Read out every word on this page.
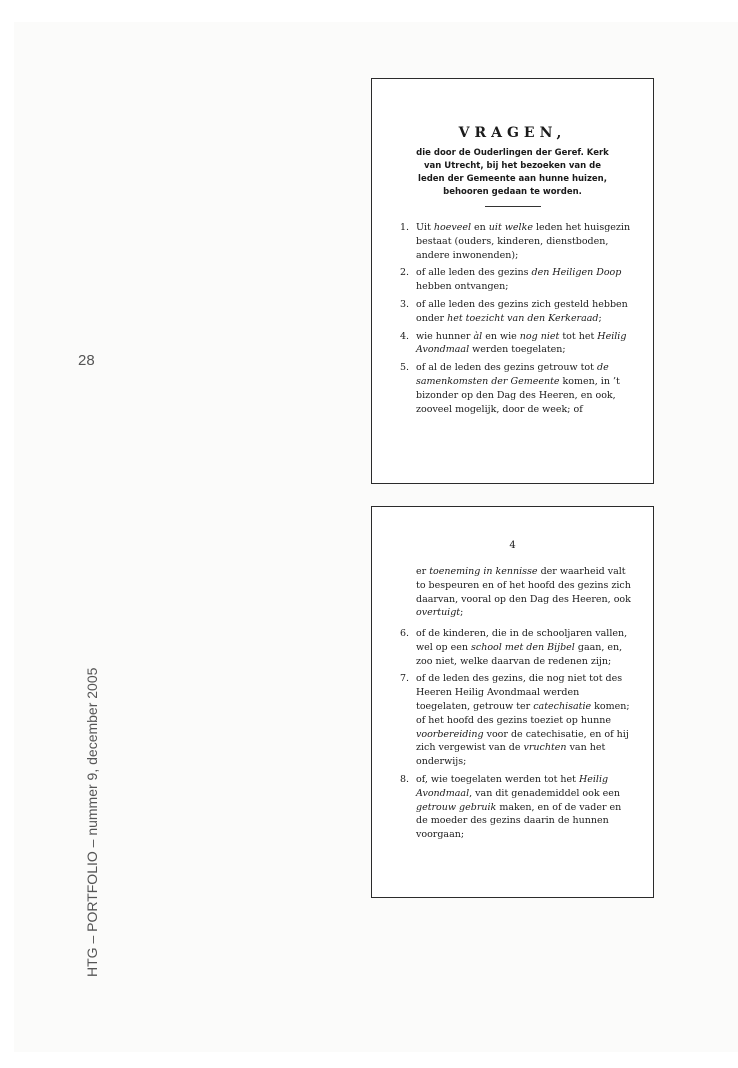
28
HTG – PORTFOLIO – nummer 9, december 2005
VRAGEN,
die door de Ouderlingen der Geref. Kerk van Utrecht, bij het bezoeken van de leden der Gemeente aan hunne huizen, behooren gedaan te worden.
1. Uit hoeveel en uit welke leden het huisgezin bestaat (ouders, kinderen, dienstboden, andere inwonenden);
2. of alle leden des gezins den Heiligen Doop hebben ontvangen;
3. of alle leden des gezins zich gesteld hebben onder het toezicht van den Kerkeraad;
4. wie hunner àl en wie nog niet tot het Heilig Avondmaal werden toegelaten;
5. of al de leden des gezins getrouw tot de samenkomsten der Gemeente komen, in ’t bizonder op den Dag des Heeren, en ook, zooveel mogelijk, door de week; of
4
er toeneming in kennisse der waarheid valt to bespeuren en of het hoofd des gezins zich daarvan, vooral op den Dag des Heeren, ook overtuigt;
6. of de kinderen, die in de schooljaren vallen, wel op een school met den Bijbel gaan, en, zoo niet, welke daarvan de redenen zijn;
7. of de leden des gezins, die nog niet tot des Heeren Heilig Avondmaal werden toegelaten, getrouw ter catechisatie komen; of het hoofd des gezins toeziet op hunne voorbereiding voor de catechisatie, en of hij zich vergewist van de vruchten van het onderwijs;
8. of, wie toegelaten werden tot het Heilig Avondmaal, van dit genademiddel ook een getrouw gebruik maken, en of de vader en de moeder des gezins daarin de hunnen voorgaan;
